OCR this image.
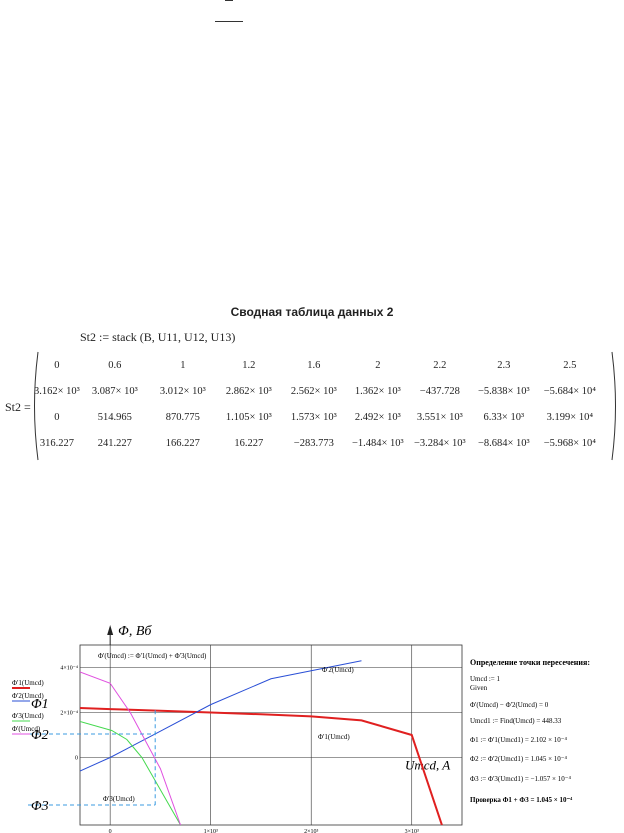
Сводная таблица данных 2
St2 := stack (B, U11, U12, U13)
St2 =
0	0.6	1	1.2	1.6	2	2.2	2.3	2.5
3.162× 10³	3.087× 10³	3.012× 10³	2.862× 10³	2.562× 10³	1.362× 10³	−437.728	−5.838× 10³	−5.684× 10⁴
0	514.965	870.775	1.105× 10³	1.573× 10³	2.492× 10³	3.551× 10³	6.33× 10³	3.199× 10⁴
316.227	241.227	166.227	16.227	−283.773	−1.484× 10³	−3.284× 10³	−8.684× 10³	−5.968× 10⁴
Φ, Вб
Umcd, A
0	1×10³	2×10³	3×10³
4×10⁻⁴
2×10⁻⁴
0
Φ'(Umcd) := Φ'1(Umcd) + Φ'3(Umcd)
Φ'2(Umcd)
Φ'1(Umcd)
Φ'3(Umcd)
Φ1
Φ2
Φ3
Φ'1(Umcd)
Φ'2(Umcd)
Φ'3(Umcd)
Φ'(Umcd)
Определение точки пересечения:
Umcd := 1
Given
Φ'(Umcd) − Φ'2(Umcd) = 0
Umcd1 := Find(Umcd) = 448.33
Φ1 := Φ'1(Umcd1) = 2.102 × 10⁻⁴
Φ2 := Φ'2(Umcd1) = 1.045 × 10⁻⁴
Φ3 := Φ'3(Umcd1) = −1.057 × 10⁻⁴
Проверка Φ1 + Φ3 = 1.045 × 10⁻⁴
